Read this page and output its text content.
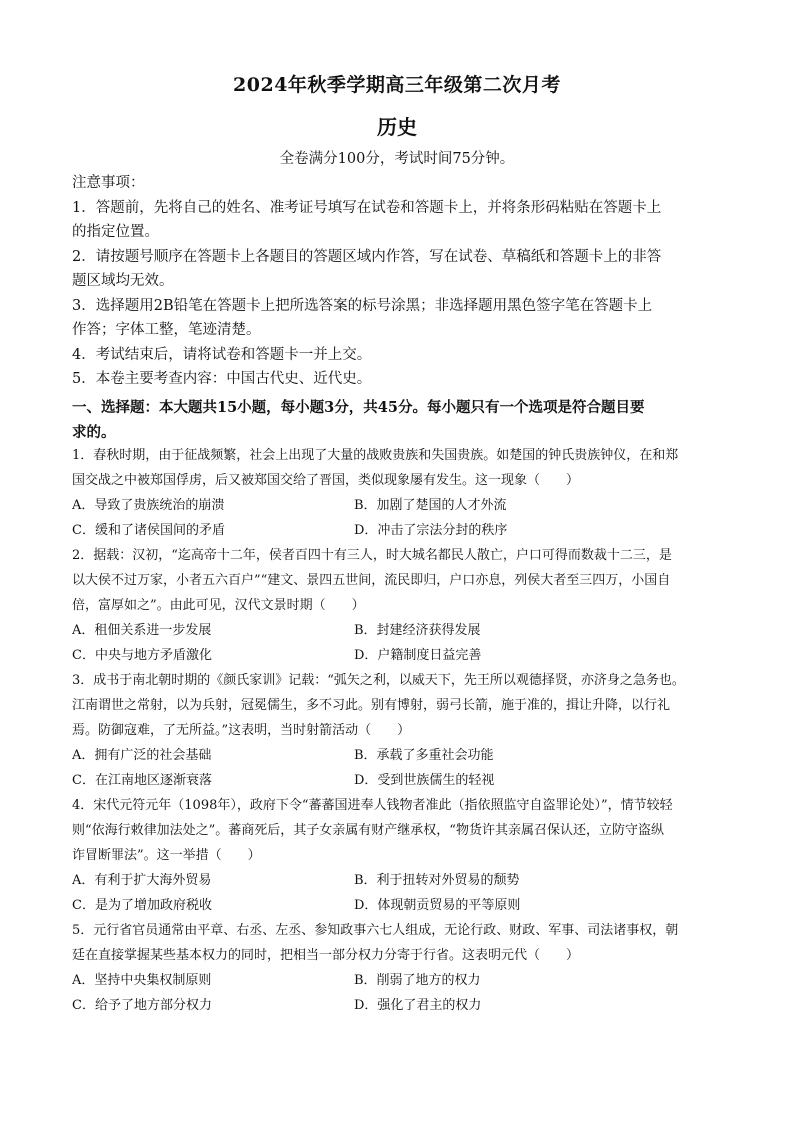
2024年秋季学期高三年级第二次月考
历史
全卷满分100分，考试时间75分钟。
注意事项：
1．答题前，先将自己的姓名、准考证号填写在试卷和答题卡上，并将条形码粘贴在答题卡上
的指定位置。
2．请按题号顺序在答题卡上各题目的答题区域内作答，写在试卷、草稿纸和答题卡上的非答
题区域均无效。
3．选择题用2B铅笔在答题卡上把所选答案的标号涂黑；非选择题用黑色签字笔在答题卡上
作答；字体工整，笔迹清楚。
4．考试结束后，请将试卷和答题卡一并上交。
5．本卷主要考查内容：中国古代史、近代史。
一、选择题：本大题共15小题，每小题3分，共45分。每小题只有一个选项是符合题目要
求的。
1．春秋时期，由于征战频繁，社会上出现了大量的战败贵族和失国贵族。如楚国的钟氏贵族钟仪，在和郑
国交战之中被郑国俘虏，后又被郑国交给了晋国，类似现象屡有发生。这一现象（　　）
A．导致了贵族统治的崩溃	B．加剧了楚国的人才外流
C．缓和了诸侯国间的矛盾	D．冲击了宗法分封的秩序
2．据载：汉初，“迄高帝十二年，侯者百四十有三人，时大城名都民人散亡，户口可得而数裁十二三，是
以大侯不过万家，小者五六百户”“建文、景四五世间，流民即归，户口亦息，列侯大者至三四万，小国自
倍，富厚如之”。由此可见，汉代文景时期（　　）
A．租佃关系进一步发展	B．封建经济获得发展
C．中央与地方矛盾激化	D．户籍制度日益完善
3．成书于南北朝时期的《颜氏家训》记载：“弧矢之利，以威天下，先王所以观德择贤，亦济身之急务也。
江南谓世之常射，以为兵射，冠冕儒生，多不习此。别有博射，弱弓长箭，施于准的，揖让升降，以行礼
焉。防御寇难，了无所益。”这表明，当时射箭活动（　　）
A．拥有广泛的社会基础	B．承载了多重社会功能
C．在江南地区逐渐衰落	D．受到世族儒生的轻视
4．宋代元符元年（1098年），政府下令“蕃蕃国进奉人钱物者准此（指依照监守自盗罪论处）”，情节较轻
则“依海行敕律加法处之”。蕃商死后，其子女亲属有财产继承权，“物货许其亲属召保认还，立防守盗纵
诈冒断罪法”。这一举措（　　）
A．有利于扩大海外贸易	B．利于扭转对外贸易的颓势
C．是为了增加政府税收	D．体现朝贡贸易的平等原则
5．元行省官员通常由平章、右丞、左丞、参知政事六七人组成，无论行政、财政、军事、司法诸事权，朝
廷在直接掌握某些基本权力的同时，把相当一部分权力分寄于行省。这表明元代（　　）
A．坚持中央集权制原则	B．削弱了地方的权力
C．给予了地方部分权力	D．强化了君主的权力
